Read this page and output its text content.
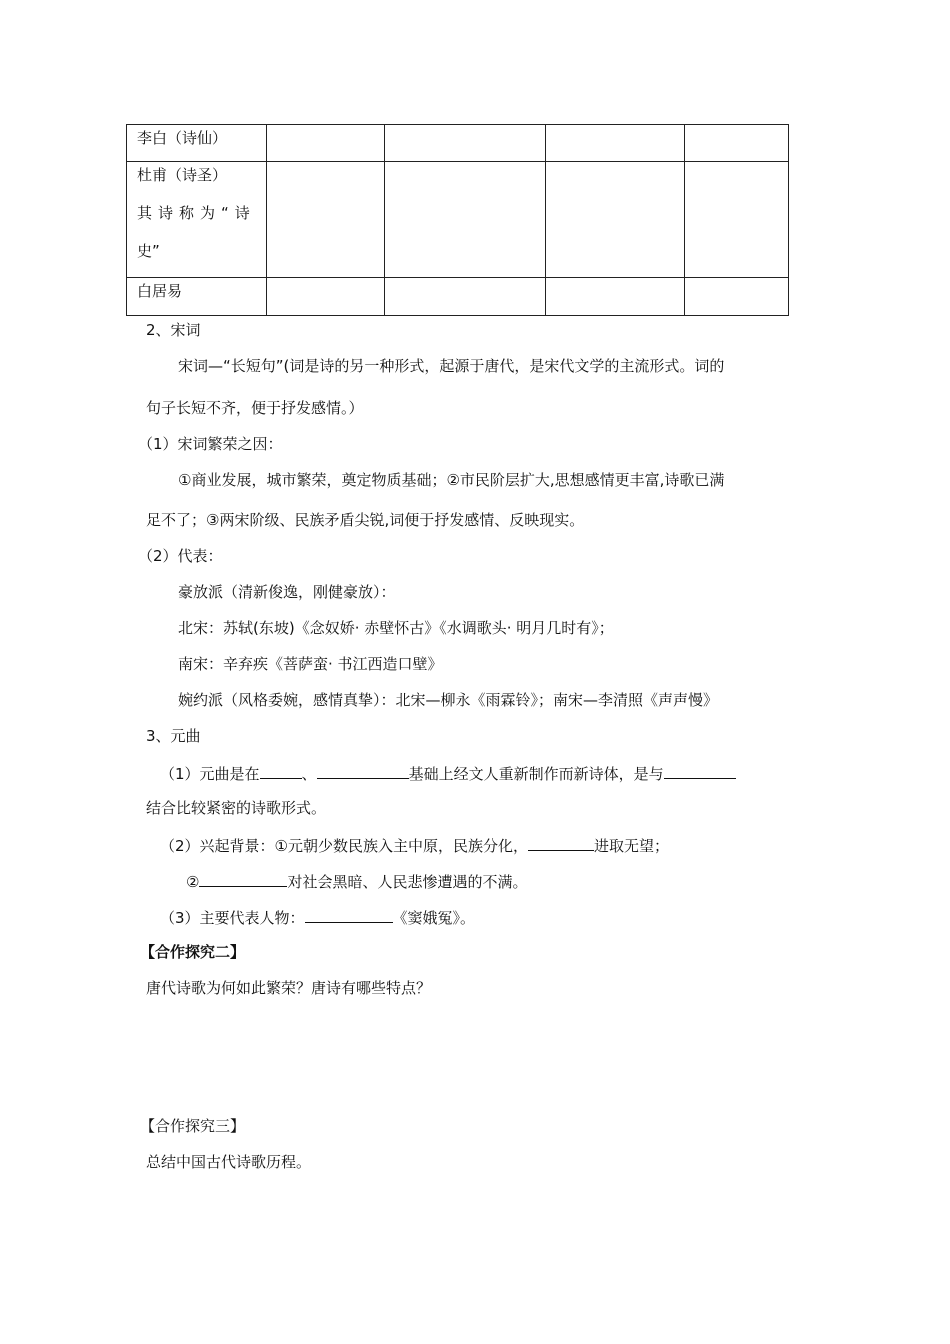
李白（诗仙）				

杜甫（诗圣）
其诗称为“诗
史”				

白居易				

2、宋词
宋词—“长短句”(词是诗的另一种形式，起源于唐代，是宋代文学的主流形式。词的
句子长短不齐，便于抒发感情。）
（1）宋词繁荣之因：
①商业发展，城市繁荣，奠定物质基础；②市民阶层扩大,思想感情更丰富,诗歌已满
足不了；③两宋阶级、民族矛盾尖锐,词便于抒发感情、反映现实。
（2）代表：
豪放派（清新俊逸，刚健豪放）：
北宋：苏轼(东坡)《念奴娇· 赤壁怀古》《水调歌头· 明月几时有》；
南宋：辛弃疾《菩萨蛮· 书江西造口壁》
婉约派（风格委婉，感情真挚）：北宋—柳永《雨霖铃》；南宋—李清照《声声慢》
3、元曲
（1）元曲是在	、	基础上经文人重新制作而新诗体，是与
结合比较紧密的诗歌形式。
（2）兴起背景：①元朝少数民族入主中原，民族分化，	进取无望；
②	对社会黑暗、人民悲惨遭遇的不满。
（3）主要代表人物：	《窦娥冤》。
【合作探究二】
唐代诗歌为何如此繁荣？唐诗有哪些特点？
【合作探究三】
总结中国古代诗歌历程。
